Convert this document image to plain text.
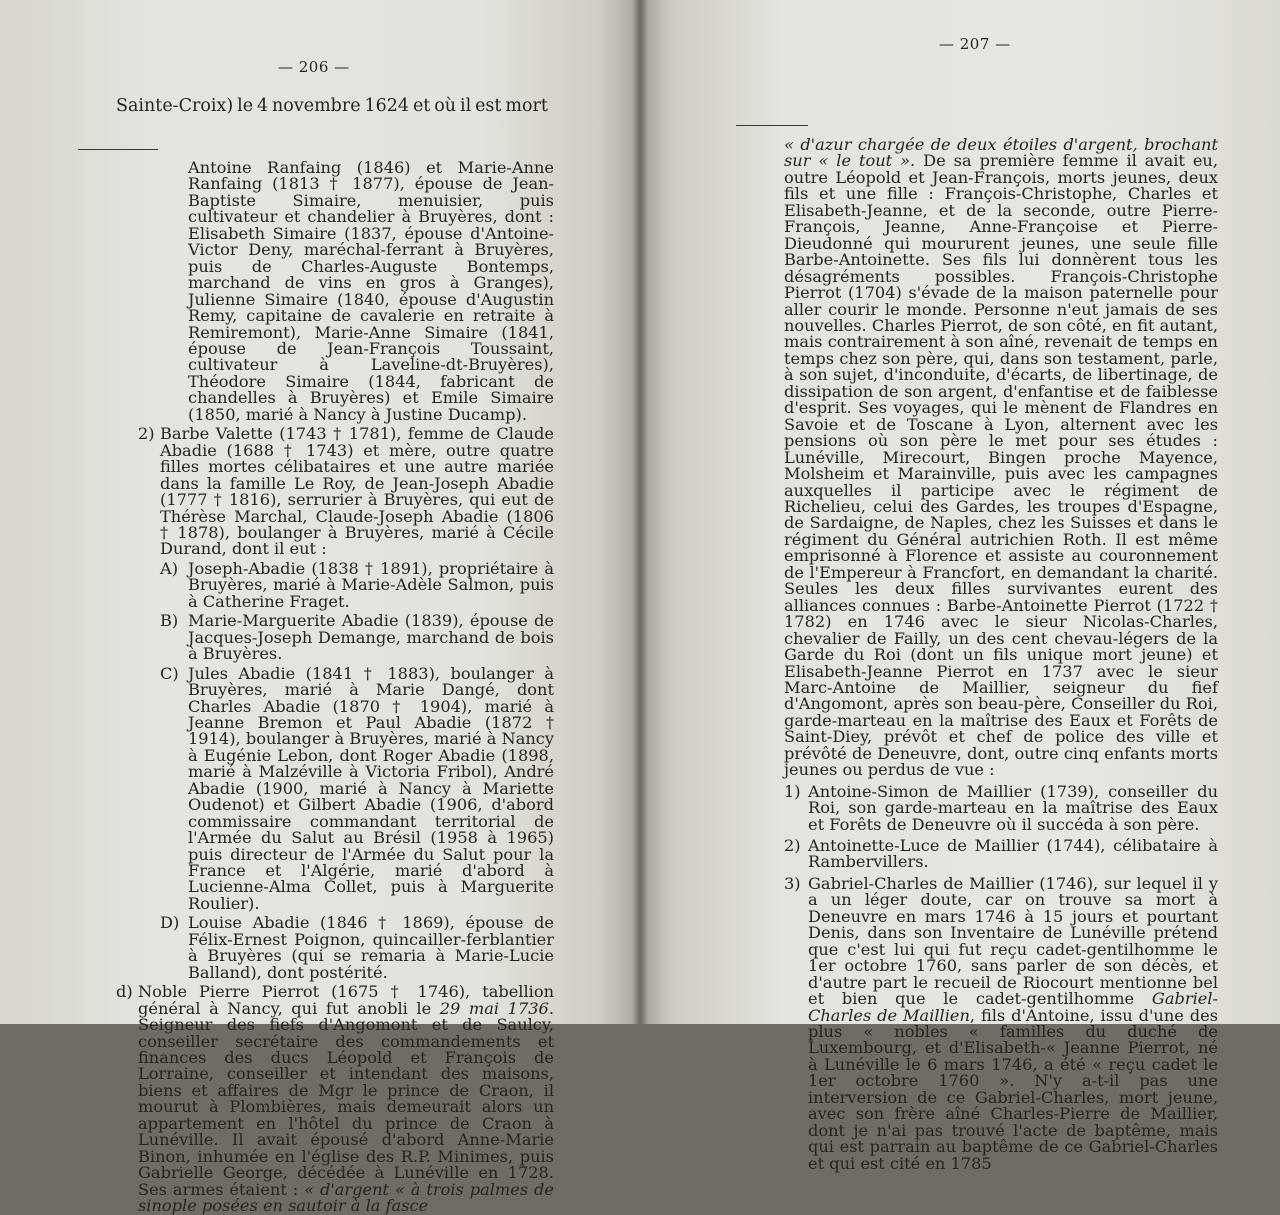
— 206 —
Sainte-Croix) le 4 novembre 1624 et où il est mort

Antoine Ranfaing (1846) et Marie-Anne Ranfaing (1813 † 1877), épouse de Jean-Baptiste Simaire, menuisier, puis cultivateur et chandelier à Bruyères, dont : Elisabeth Simaire (1837, épouse d'Antoine-Victor Deny, maréchal-ferrant à Bruyères, puis de Charles-Auguste Bontemps, marchand de vins en gros à Granges), Julienne Simaire (1840, épouse d'Augustin Remy, capitaine de cavalerie en retraite à Remiremont), Marie-Anne Simaire (1841, épouse de Jean-François Toussaint, cultivateur à Laveline-dt-Bruyères), Théodore Simaire (1844, fabricant de chandelles à Bruyères) et Emile Simaire (1850, marié à Nancy à Justine Ducamp).

2) Barbe Valette (1743 † 1781), femme de Claude Abadie (1688 † 1743) et mère, outre quatre filles mortes célibataires et une autre mariée dans la famille Le Roy, de Jean-Joseph Abadie (1777 † 1816), serrurier à Bruyères, qui eut de Thérèse Marchal, Claude-Joseph Abadie (1806 † 1878), boulanger à Bruyères, marié à Cécile Durand, dont il eut :
A) Joseph-Abadie (1838 † 1891), propriétaire à Bruyères, marié à Marie-Adèle Salmon, puis à Catherine Fraget.
B) Marie-Marguerite Abadie (1839), épouse de Jacques-Joseph Demange, marchand de bois à Bruyères.
C) Jules Abadie (1841 † 1883), boulanger à Bruyères, marié à Marie Dangé, dont Charles Abadie (1870 † 1904), marié à Jeanne Bremon et Paul Abadie (1872 † 1914), boulanger à Bruyères, marié à Nancy à Eugénie Lebon, dont Roger Abadie (1898, marié à Malzéville à Victoria Fribol), André Abadie (1900, marié à Nancy à Mariette Oudenot) et Gilbert Abadie (1906, d'abord commissaire commandant territorial de l'Armée du Salut au Brésil (1958 à 1965) puis directeur de l'Armée du Salut pour la France et l'Algérie, marié d'abord à Lucienne-Alma Collet, puis à Marguerite Roulier).
D) Louise Abadie (1846 † 1869), épouse de Félix-Ernest Poignon, quincailler-ferblantier à Bruyères (qui se remaria à Marie-Lucie Balland), dont postérité.
d) Noble Pierre Pierrot (1675 † 1746), tabellion général à Nancy, qui fut anobli le 29 mai 1736. Seigneur des fiefs d'Angomont et de Saulcy, conseiller secrétaire des commandements et finances des ducs Léopold et François de Lorraine, conseiller et intendant des maisons, biens et affaires de Mgr le prince de Craon, il mourut à Plombières, mais demeurait alors un appartement en l'hôtel du prince de Craon à Lunéville. Il avait épousé d'abord Anne-Marie Binon, inhumée en l'église des R.P. Minimes, puis Gabrielle George, décédée à Lunéville en 1728. Ses armes étaient : « d'argent « à trois palmes de sinople posées en sautoir à la fasce
— 207 —

« d'azur chargée de deux étoiles d'argent, brochant sur « le tout ». De sa première femme il avait eu, outre Léopold et Jean-François, morts jeunes, deux fils et une fille : François-Christophe, Charles et Elisabeth-Jeanne, et de la seconde, outre Pierre-François, Jeanne, Anne-Françoise et Pierre-Dieudonné qui moururent jeunes, une seule fille Barbe-Antoinette. Ses fils lui donnèrent tous les désagréments possibles. François-Christophe Pierrot (1704) s'évade de la maison paternelle pour aller courir le monde. Personne n'eut jamais de ses nouvelles. Charles Pierrot, de son côté, en fit autant, mais contrairement à son aîné, revenait de temps en temps chez son père, qui, dans son testament, parle, à son sujet, d'inconduite, d'écarts, de libertinage, de dissipation de son argent, d'enfantise et de faiblesse d'esprit. Ses voyages, qui le mènent de Flandres en Savoie et de Toscane à Lyon, alternent avec les pensions où son père le met pour ses études : Lunéville, Mirecourt, Bingen proche Mayence, Molsheim et Marainville, puis avec les campagnes auxquelles il participe avec le régiment de Richelieu, celui des Gardes, les troupes d'Espagne, de Sardaigne, de Naples, chez les Suisses et dans le régiment du Général autrichien Roth. Il est même emprisonné à Florence et assiste au couronnement de l'Empereur à Francfort, en demandant la charité. Seules les deux filles survivantes eurent des alliances connues : Barbe-Antoinette Pierrot (1722 † 1782) en 1746 avec le sieur Nicolas-Charles, chevalier de Failly, un des cent chevau-légers de la Garde du Roi (dont un fils unique mort jeune) et Elisabeth-Jeanne Pierrot en 1737 avec le sieur Marc-Antoine de Maillier, seigneur du fief d'Angomont, après son beau-père, Conseiller du Roi, garde-marteau en la maîtrise des Eaux et Forêts de Saint-Diey, prévôt et chef de police des ville et prévôté de Deneuvre, dont, outre cinq enfants morts jeunes ou perdus de vue :

1) Antoine-Simon de Maillier (1739), conseiller du Roi, son garde-marteau en la maîtrise des Eaux et Forêts de Deneuvre où il succéda à son père.
2) Antoinette-Luce de Maillier (1744), célibataire à Rambervillers.
3) Gabriel-Charles de Maillier (1746), sur lequel il y a un léger doute, car on trouve sa mort à Deneuvre en mars 1746 à 15 jours et pourtant Denis, dans son Inventaire de Lunéville prétend que c'est lui qui fut reçu cadet-gentilhomme le 1er octobre 1760, sans parler de son décès, et d'autre part le recueil de Riocourt mentionne bel et bien que le cadet-gentilhomme Gabriel-Charles de Maillien, fils d'Antoine, issu d'une des plus « nobles « familles du duché de Luxembourg, et d'Elisabeth-« Jeanne Pierrot, né à Lunéville le 6 mars 1746, a été « reçu cadet le 1er octobre 1760 ». N'y a-t-il pas une interversion de ce Gabriel-Charles, mort jeune, avec son frère aîné Charles-Pierre de Maillier, dont je n'ai pas trouvé l'acte de baptême, mais qui est parrain au baptême de ce Gabriel-Charles et qui est cité en 1785
